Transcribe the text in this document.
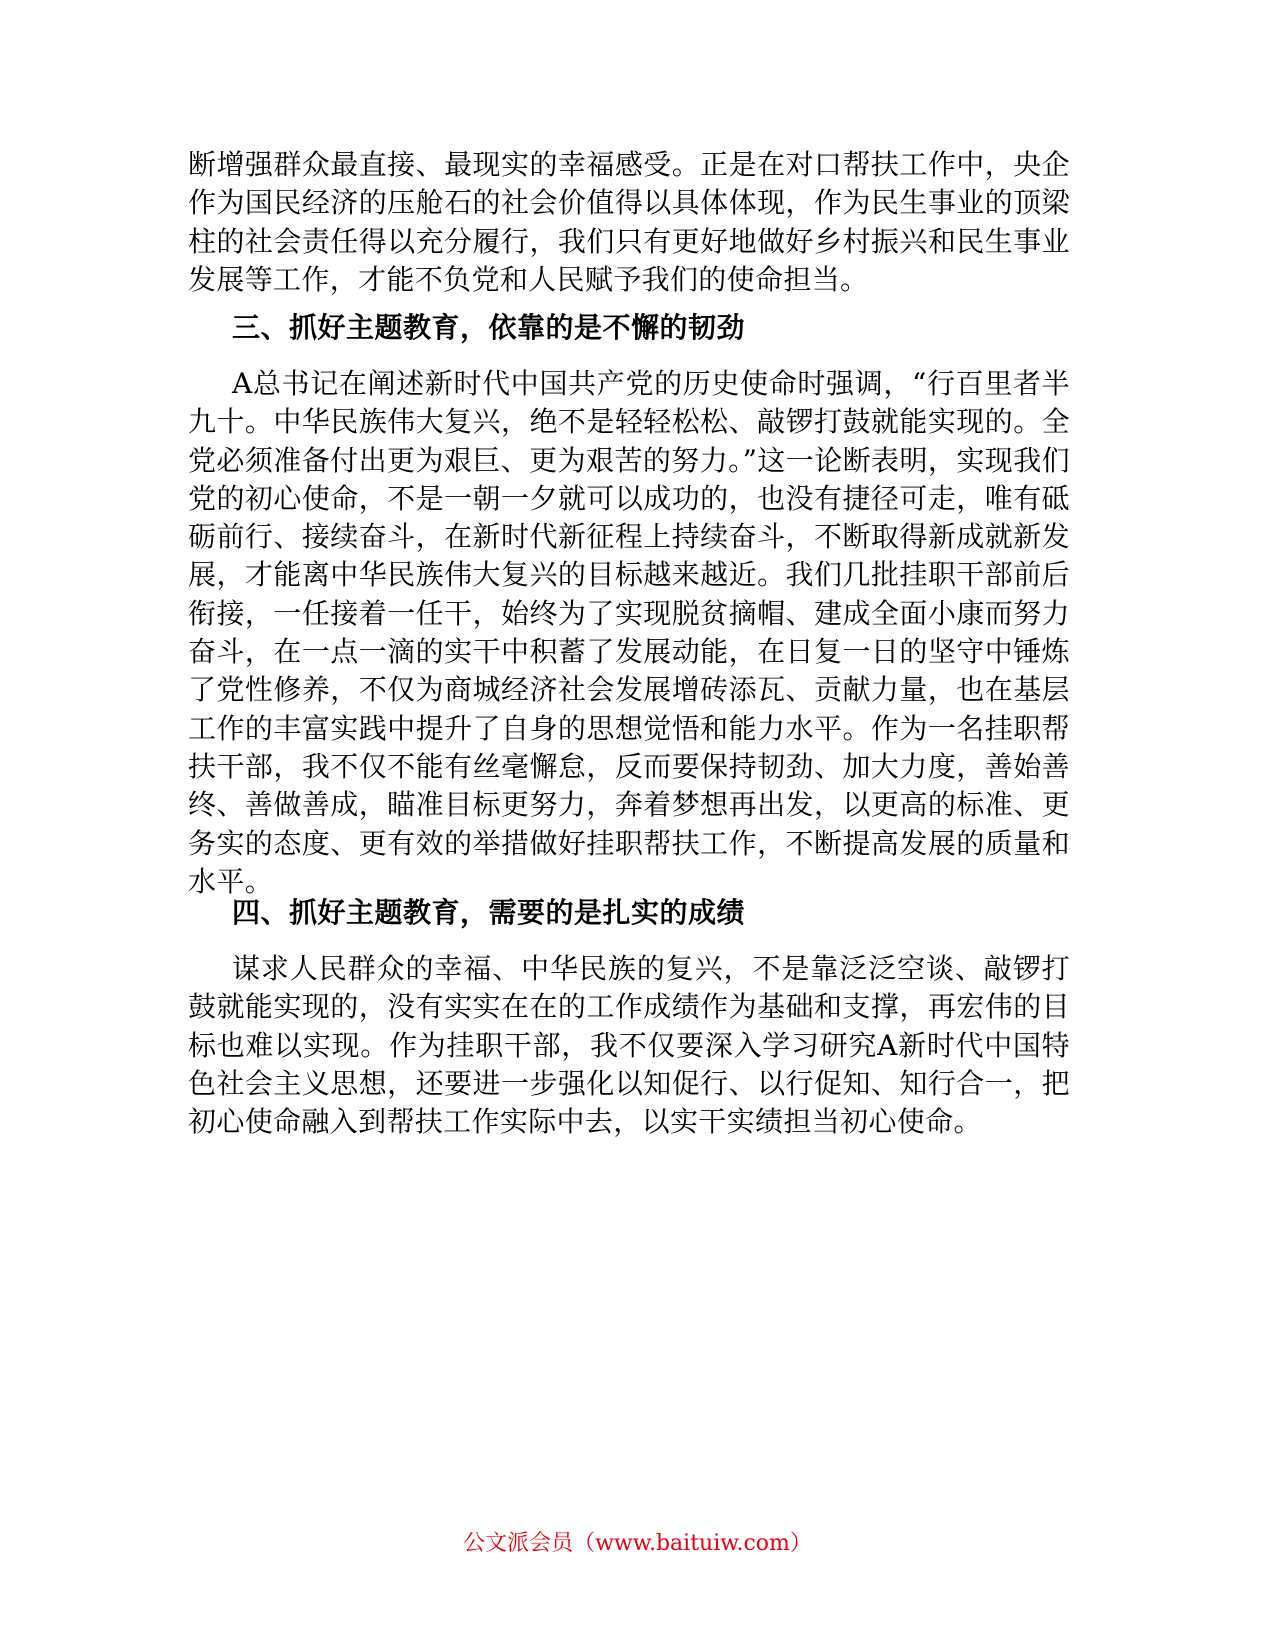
断增强群众最直接、最现实的幸福感受。正是在对口帮扶工作中，央企作为国民经济的压舱石的社会价值得以具体体现，作为民生事业的顶梁柱的社会责任得以充分履行，我们只有更好地做好乡村振兴和民生事业发展等工作，才能不负党和人民赋予我们的使命担当。

三、抓好主题教育，依靠的是不懈的韧劲

A总书记在阐述新时代中国共产党的历史使命时强调，“行百里者半九十。中华民族伟大复兴，绝不是轻轻松松、敲锣打鼓就能实现的。全党必须准备付出更为艰巨、更为艰苦的努力。”这一论断表明，实现我们党的初心使命，不是一朝一夕就可以成功的，也没有捷径可走，唯有砥砺前行、接续奋斗，在新时代新征程上持续奋斗，不断取得新成就新发展，才能离中华民族伟大复兴的目标越来越近。我们几批挂职干部前后衔接，一任接着一任干，始终为了实现脱贫摘帽、建成全面小康而努力奋斗，在一点一滴的实干中积蓄了发展动能，在日复一日的坚守中锤炼了党性修养，不仅为商城经济社会发展增砖添瓦、贡献力量，也在基层工作的丰富实践中提升了自身的思想觉悟和能力水平。作为一名挂职帮扶干部，我不仅不能有丝毫懈怠，反而要保持韧劲、加大力度，善始善终、善做善成，瞄准目标更努力，奔着梦想再出发，以更高的标准、更务实的态度、更有效的举措做好挂职帮扶工作，不断提高发展的质量和水平。

四、抓好主题教育，需要的是扎实的成绩

谋求人民群众的幸福、中华民族的复兴，不是靠泛泛空谈、敲锣打鼓就能实现的，没有实实在在的工作成绩作为基础和支撑，再宏伟的目标也难以实现。作为挂职干部，我不仅要深入学习研究A新时代中国特色社会主义思想，还要进一步强化以知促行、以行促知、知行合一，把初心使命融入到帮扶工作实际中去，以实干实绩担当初心使命。

公文派会员（www.baituiw.com）
